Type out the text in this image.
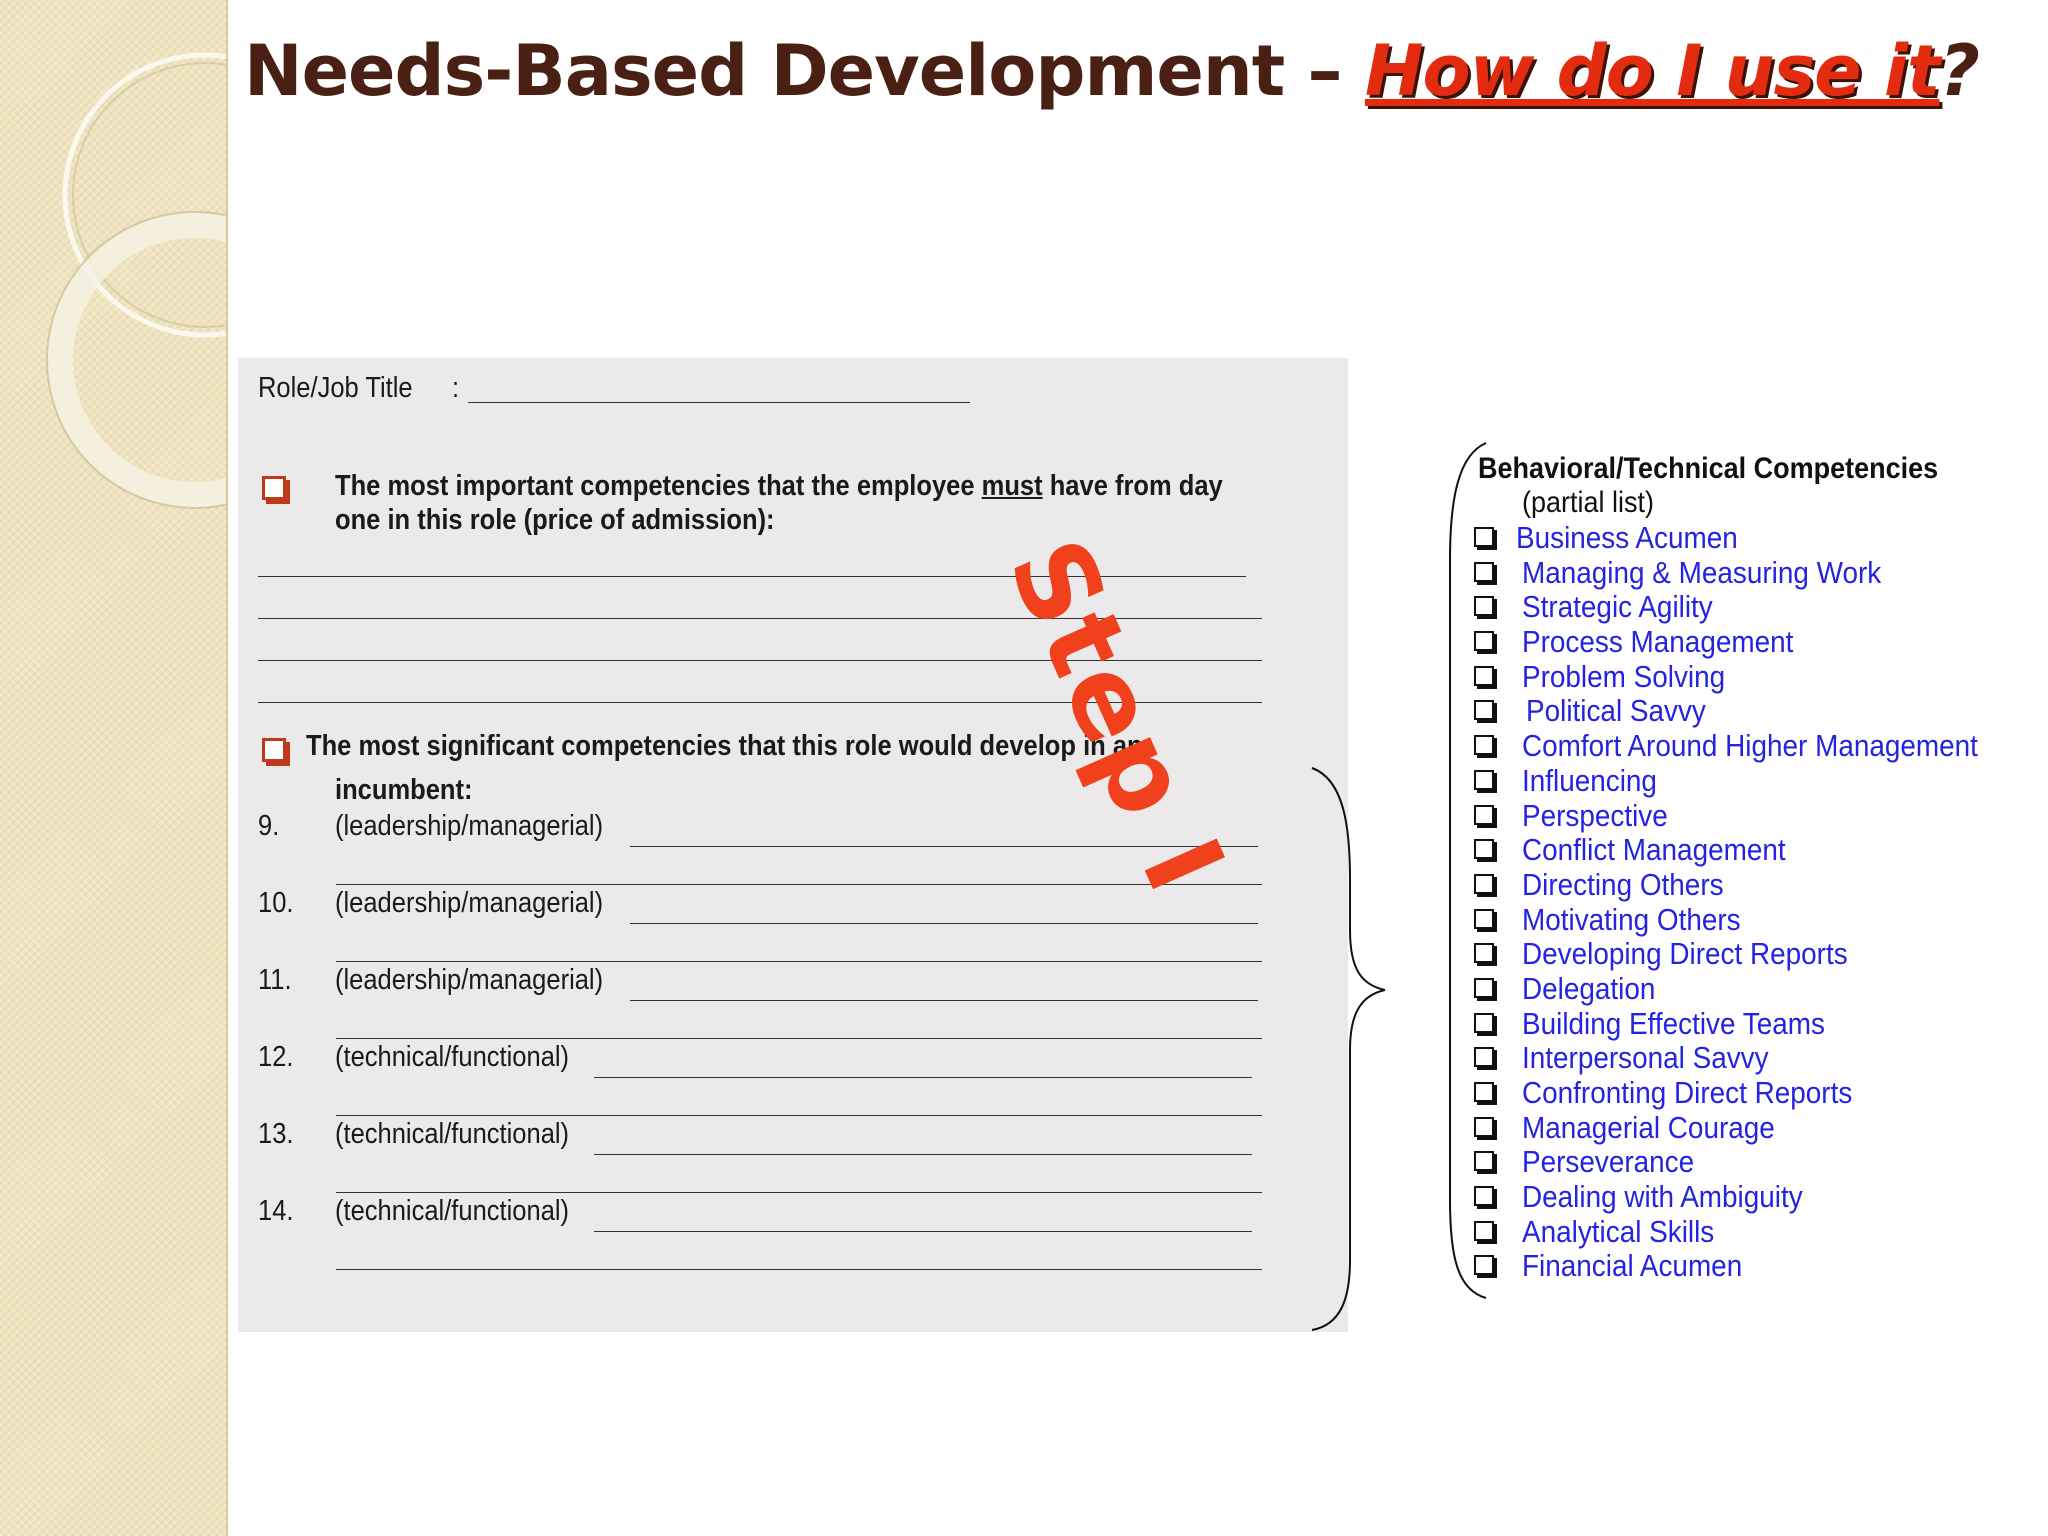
Needs-Based Development – How do I use it?
Role/Job Title :
The most important competencies that the employee must have from day
one in this role (price of admission):
The most significant competencies that this role would develop in an
incumbent:
9. (leadership/managerial)
10. (leadership/managerial)
11. (leadership/managerial)
12. (technical/functional)
13. (technical/functional)
14. (technical/functional)
Step I
Behavioral/Technical Competencies
(partial list)
Business Acumen
Managing & Measuring Work
Strategic Agility
Process Management
Problem Solving
Political Savvy
Comfort Around Higher Management
Influencing
Perspective
Conflict Management
Directing Others
Motivating Others
Developing Direct Reports
Delegation
Building Effective Teams
Interpersonal Savvy
Confronting Direct Reports
Managerial Courage
Perseverance
Dealing with Ambiguity
Analytical Skills
Financial Acumen
